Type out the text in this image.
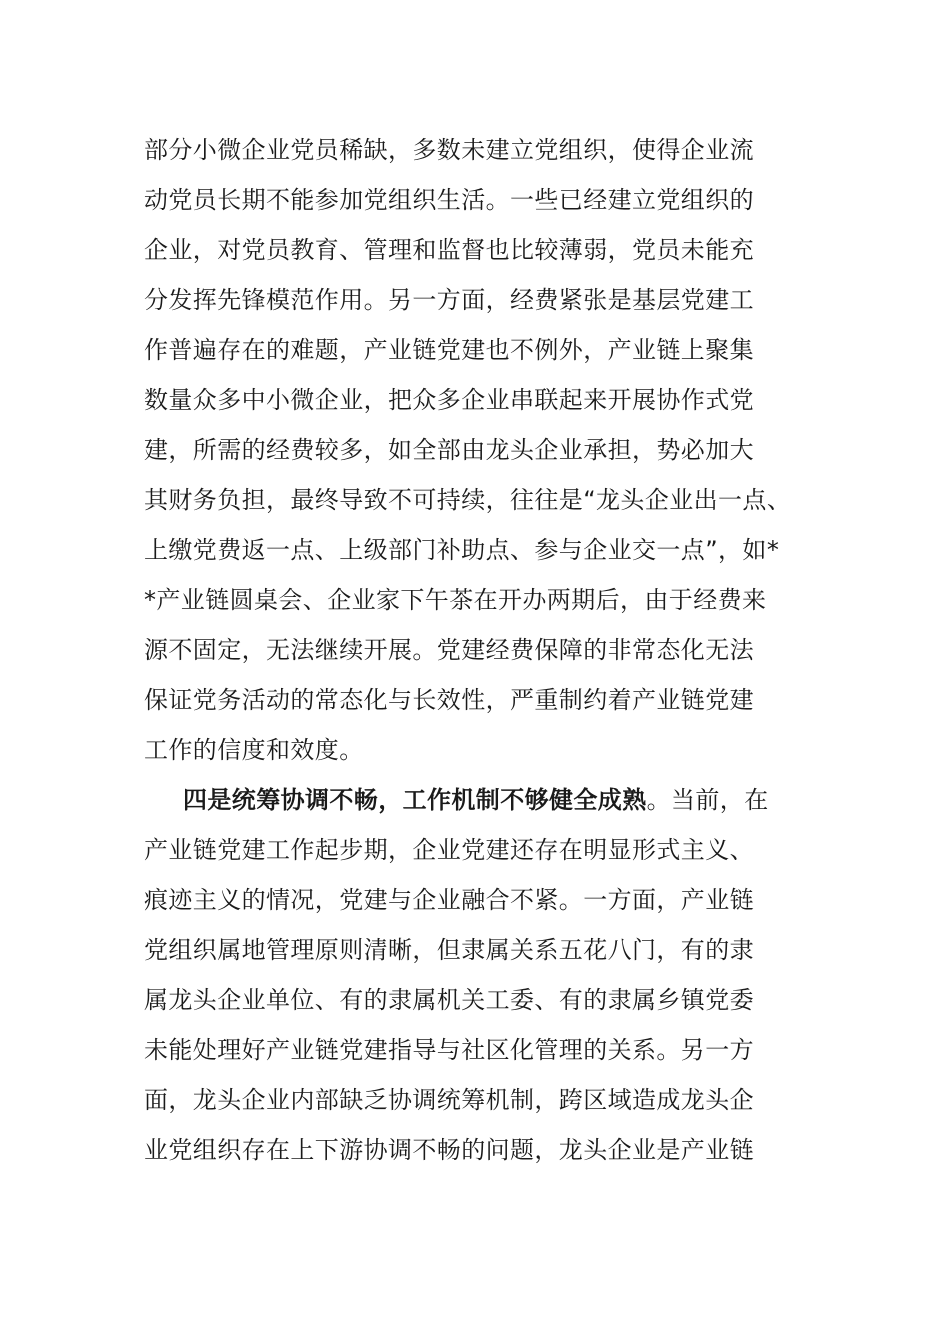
部分小微企业党员稀缺，多数未建立党组织，使得企业流
动党员长期不能参加党组织生活。一些已经建立党组织的
企业，对党员教育、管理和监督也比较薄弱，党员未能充
分发挥先锋模范作用。另一方面，经费紧张是基层党建工
作普遍存在的难题，产业链党建也不例外，产业链上聚集
数量众多中小微企业，把众多企业串联起来开展协作式党
建，所需的经费较多，如全部由龙头企业承担，势必加大
其财务负担，最终导致不可持续，往往是“龙头企业出一点、
上缴党费返一点、上级部门补助点、参与企业交一点”，如*
*产业链圆桌会、企业家下午茶在开办两期后，由于经费来
源不固定，无法继续开展。党建经费保障的非常态化无法
保证党务活动的常态化与长效性，严重制约着产业链党建
工作的信度和效度。
四是统筹协调不畅，工作机制不够健全成熟。当前，在
产业链党建工作起步期，企业党建还存在明显形式主义、
痕迹主义的情况，党建与企业融合不紧。一方面，产业链
党组织属地管理原则清晰，但隶属关系五花八门，有的隶
属龙头企业单位、有的隶属机关工委、有的隶属乡镇党委
未能处理好产业链党建指导与社区化管理的关系。另一方
面，龙头企业内部缺乏协调统筹机制，跨区域造成龙头企
业党组织存在上下游协调不畅的问题，龙头企业是产业链
